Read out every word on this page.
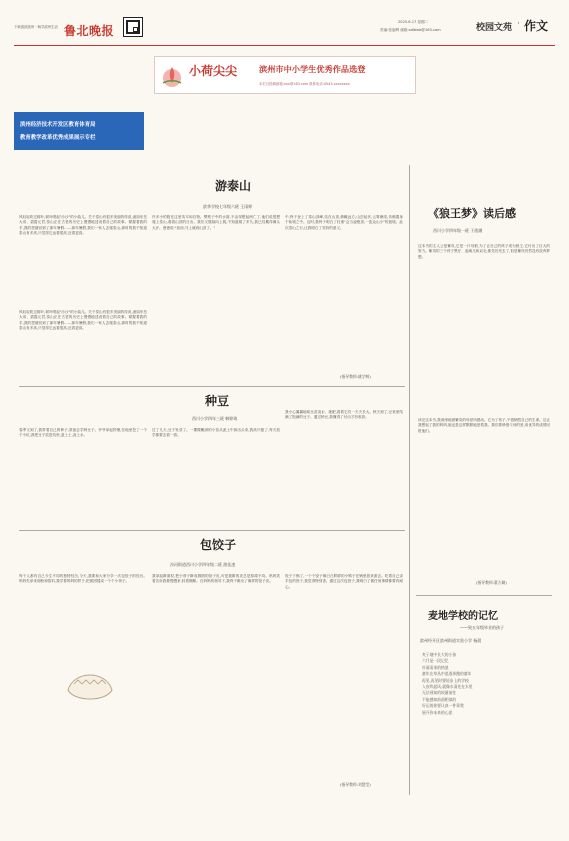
下载滨滨滨州 · 畅享滨州生活 鲁北晚报
2025.6.17 星期二
责编:张迦利 邮箱:sdlbwb@163.com	校园文苑 · 作文
小荷尖尖	滨州市中小学生优秀作品选登
本栏目投稿邮箱:xxx@163.com 联系电话:0543-xxxxxxxx
滨州经济技术开发区教育体育局
教育教学改革优秀成果展示专栏
游泰山
滨华学校七年级六班 王雨婷
风轻轻吹过树叶,树叶唱起"沙沙"的小曲儿。关于泰山有很多美丽的传说,诸如东岳大帝、碧霞元君,泰山正在古老的历史上慢慢地述说着自己的故事。紧握着我的手,我的思绪回到了那年暑假……那年暑假,我们一家人去爬泰山,那时的我不知道泰山有多高,只觉得它远看很高,近看更高。
许多小的股在这里英木和自物。警察子中的水面,不由得想起两亡了,他们说很想爬上泰山,看看山顶的日出。我们又继续向上爬,不知道爬了多久,我已经累得满头大汗。爸爸说:"加油,马上就到山顶了。"
中,终于登上了泰山顶峰,站在山顶,俯瞰远方,山峦起伏,云雾缭绕,仿佛置身于仙境之中。这时,我终于明白了杜甫"会当凌绝顶,一览众山小"的意境。此次泰山之行,让我明白了坚持的意义。
风轻轻吹过树叶,树叶唱起"沙沙"的小曲儿。关于泰山有很多美丽的传说,诸如东岳大帝、碧霞元君,泰山正在古老的历史上慢慢地述说着自己的故事。紧握着我的手,我的思绪回到了那年暑假……那年暑假,我们一家人去爬泰山,那时的我不知道泰山有多高,只觉得它远看很高,近看更高。
(指导教师:姚学鲸)
种豆
西川小学四年三班 韩婷琦
春季又到了,我带着自己的种子,准备去学种豆子。爷爷拿起铁锹,在地里挖了一个个小坑,我把豆子放进坑里,盖上土,浇上水。
过了几天,豆子发芽了。一棵棵嫩绿的小苗从泥土中探出头来,我高兴极了,每天放学都要去看一看。
我小心翼翼地给豆苗浇水、施肥,看着它们一天天长大。秋天到了,豆荚里结满了饱满的豆子。通过种豆,我懂得了付出才有收获。
包饺子
沙河街道西川小学四年级二班 游佳凌
每个人都有自己今生不同的独特经历,今天,我要和大家分享一次包饺子的经历。妈妈先拿来面粉和馅料,我学着妈妈的样子,把面团揉成一个个小剂子。
我拿起擀面杖,把小剂子擀成圆圆的饺子皮,可是我擀的皮总是厚薄不均。妈妈笑着告诉我要慢慢来,转着圈擀。在妈妈的指导下,我终于擀出了像样的饺子皮。
饺子下锅了,一个个饺子像白白胖胖的小鸭子在锅里游来游去。吃着自己亲手包的饺子,我觉得特别香。通过这次包饺子,我明白了做任何事情都要有耐心。
(指导教师:刘慧莹)
《狼王梦》读后感
西川小学四年级一班 于劭涵
这本书的主人公是紫岚,它是一只母狼,为了让自己的孩子成为狼王,它付出了巨大的努力。紫岚的三个孩子黑仔、蓝魂儿和双毛,都先后死去了,但是紫岚仍然没有放弃梦想。
读完这本书,我深深地被紫岚的母爱所感动。它为了孩子,不惜牺牲自己的生命。这让我想起了我的妈妈,她也是这样默默地爱着我。我们要珍惜父母的爱,用优异的成绩回报他们。
(指导教师:董方璐)
麦地学校的记忆
——致五年级毕业的孩子
滨州经开区滨州街道实验小学 杨晨
麦子地中长大的小孩
六月是一段记忆
扑面而来的热浪
童年在草丛中追逐奔跑的童年
再见,再见时要轻步上的学校
入夜吹起风,就像水清先在水里
无法预知的较量前往
不能感知前面相似的
好运的你要认真一件事我
展开你未来的心思
